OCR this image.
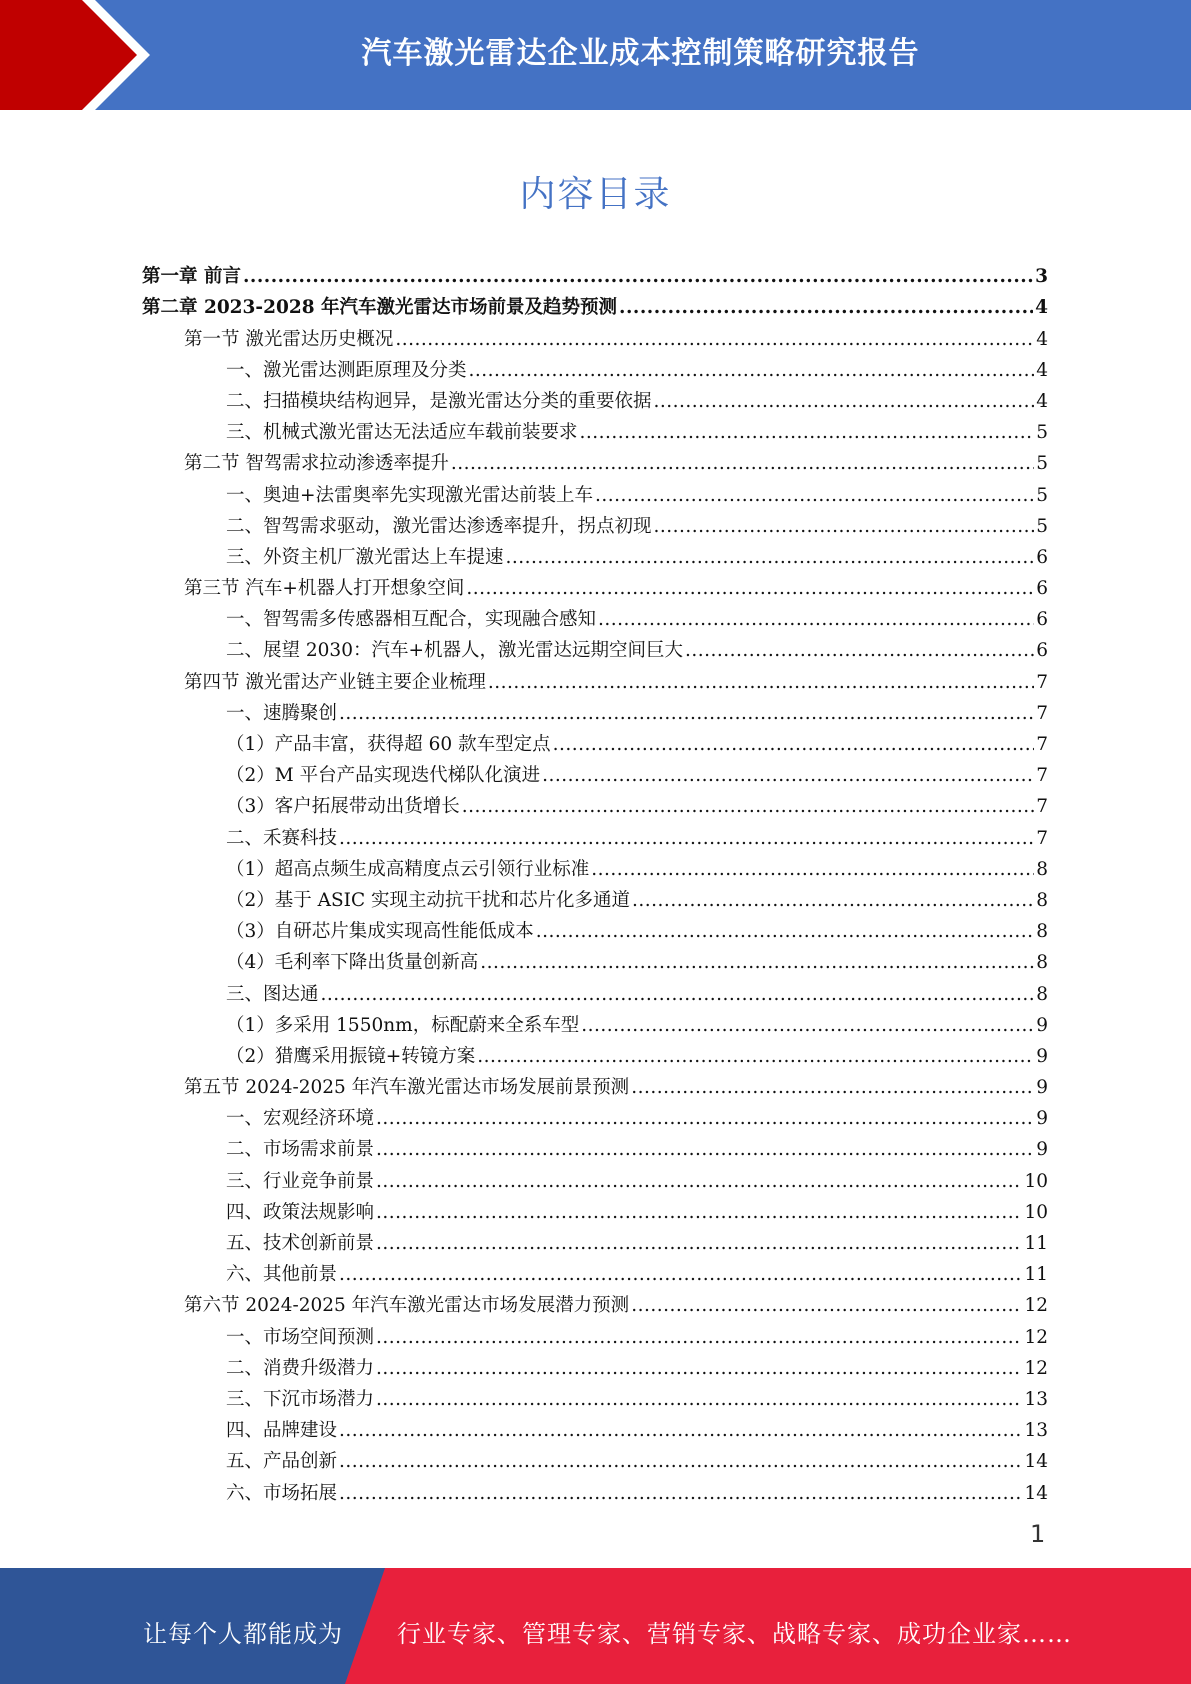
汽车激光雷达企业成本控制策略研究报告
内容目录
第一章 前言 .....	3
第二章 2023-2028 年汽车激光雷达市场前景及趋势预测 .....	4
第一节 激光雷达历史概况 .....	4
一、激光雷达测距原理及分类 .....	4
二、扫描模块结构迥异，是激光雷达分类的重要依据 .....	4
三、机械式激光雷达无法适应车载前装要求 .....	5
第二节 智驾需求拉动渗透率提升 .....	5
一、奥迪+法雷奥率先实现激光雷达前装上车 .....	5
二、智驾需求驱动，激光雷达渗透率提升，拐点初现 .....	5
三、外资主机厂激光雷达上车提速 .....	6
第三节 汽车+机器人打开想象空间 .....	6
一、智驾需多传感器相互配合，实现融合感知 .....	6
二、展望 2030：汽车+机器人，激光雷达远期空间巨大 .....	6
第四节 激光雷达产业链主要企业梳理 .....	7
一、速腾聚创 .....	7
（1）产品丰富，获得超 60 款车型定点 .....	7
（2）M 平台产品实现迭代梯队化演进 .....	7
（3）客户拓展带动出货增长 .....	7
二、禾赛科技 .....	7
（1）超高点频生成高精度点云引领行业标准 .....	8
（2）基于 ASIC 实现主动抗干扰和芯片化多通道 .....	8
（3）自研芯片集成实现高性能低成本 .....	8
（4）毛利率下降出货量创新高 .....	8
三、图达通 .....	8
（1）多采用 1550nm，标配蔚来全系车型 .....	9
（2）猎鹰采用振镜+转镜方案 .....	9
第五节 2024-2025 年汽车激光雷达市场发展前景预测 .....	9
一、宏观经济环境 .....	9
二、市场需求前景 .....	9
三、行业竞争前景 .....	10
四、政策法规影响 .....	10
五、技术创新前景 .....	11
六、其他前景 .....	11
第六节 2024-2025 年汽车激光雷达市场发展潜力预测 .....	12
一、市场空间预测 .....	12
二、消费升级潜力 .....	12
三、下沉市场潜力 .....	13
四、品牌建设 .....	13
五、产品创新 .....	14
六、市场拓展 .....	14
1
让每个人都能成为 行业专家、管理专家、营销专家、战略专家、成功企业家……
